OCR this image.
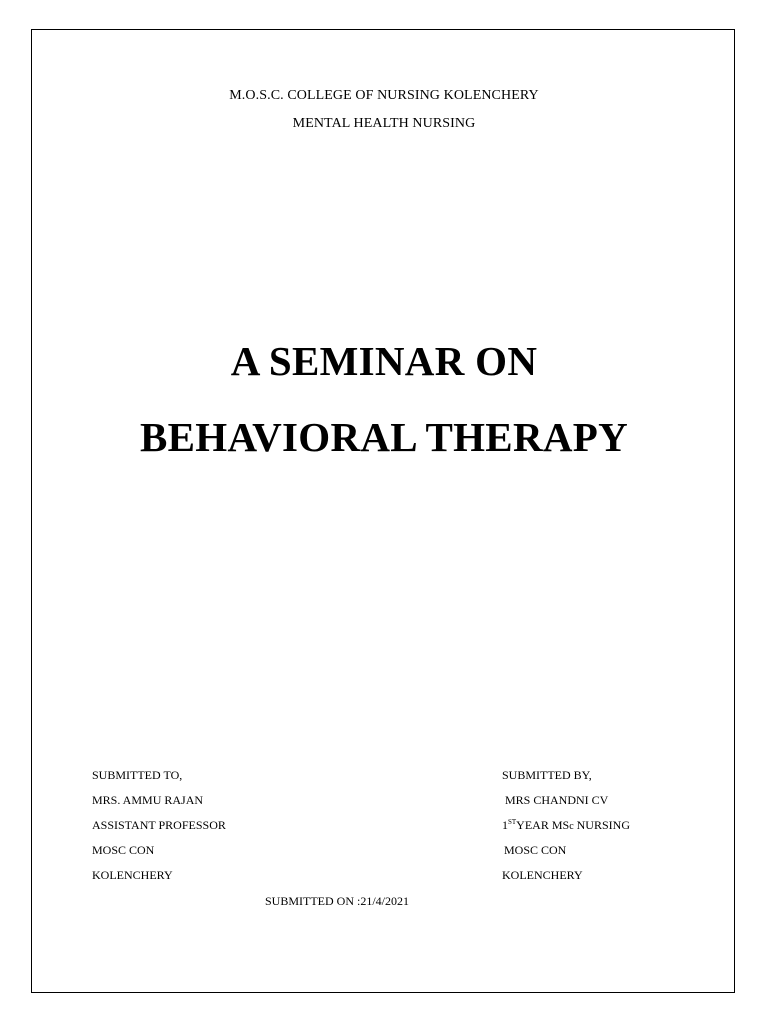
M.O.S.C. COLLEGE OF NURSING KOLENCHERY
MENTAL HEALTH NURSING
A SEMINAR ON
BEHAVIORAL THERAPY
SUBMITTED TO,
MRS. AMMU RAJAN
ASSISTANT PROFESSOR
MOSC CON
KOLENCHERY
SUBMITTED BY,
MRS CHANDNI CV
1STYEAR MSc NURSING
MOSC CON
KOLENCHERY
SUBMITTED ON :21/4/2021
